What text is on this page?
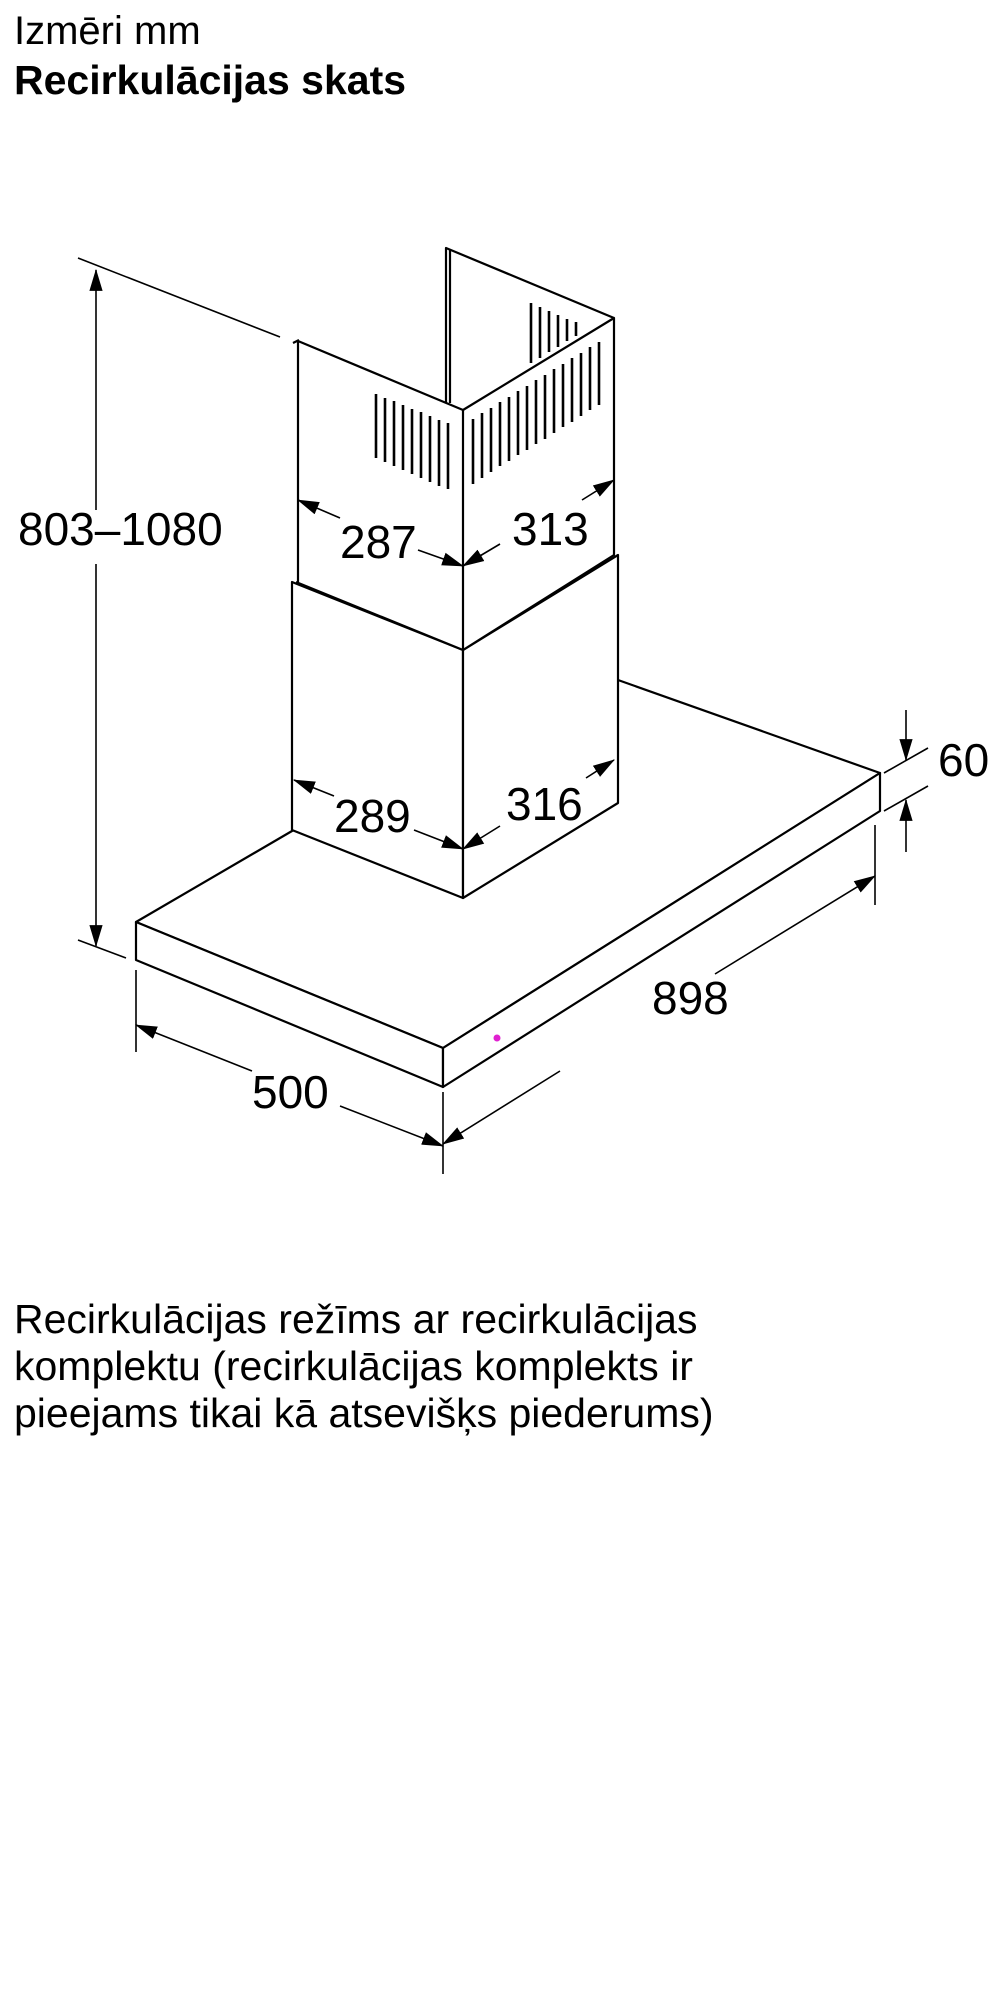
Izmēri mm
Recirkulācijas skats
803–1080	287 313
289 316
60
898
500

Recirkulācijas režīms ar recirkulācijas
komplektu (recirkulācijas komplekts ir
pieejams tikai kā atsevišķs piederums)
